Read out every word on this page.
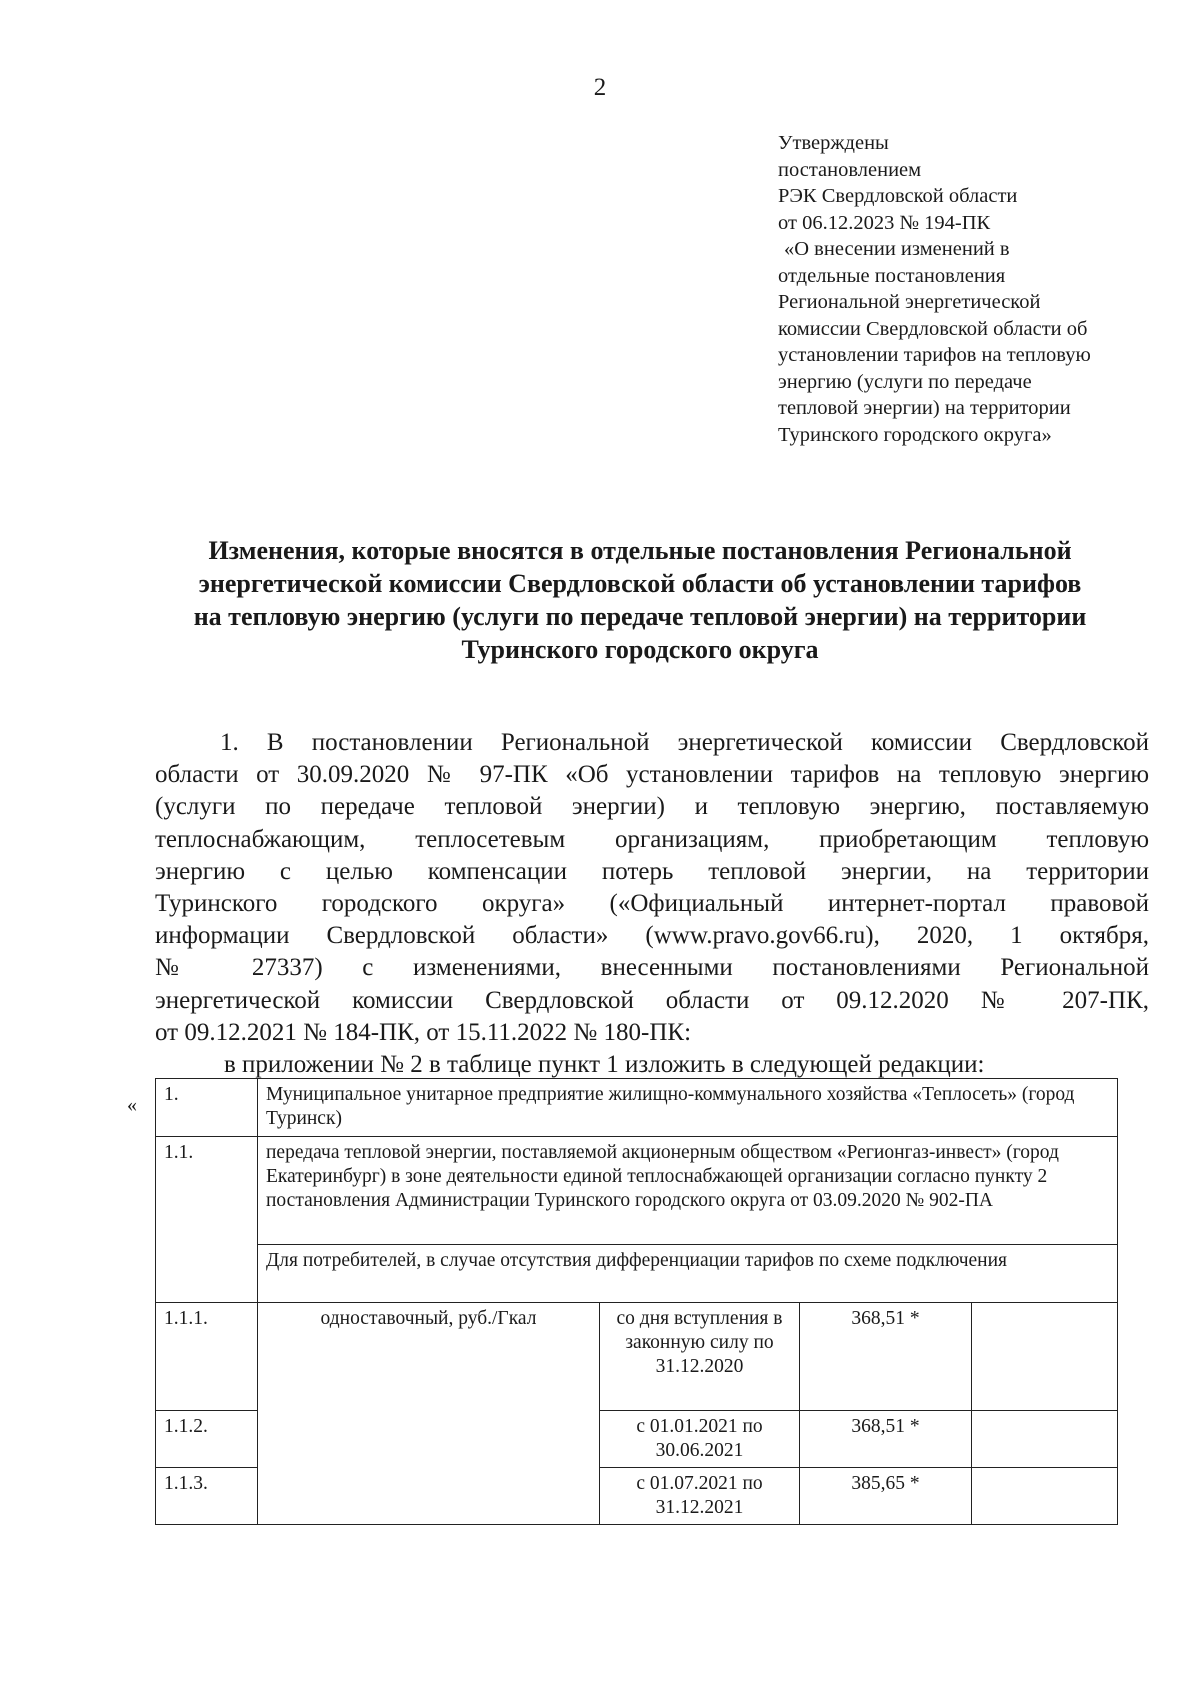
2
Утверждены
постановлением
РЭК Свердловской области
от 06.12.2023 № 194-ПК
«О внесении изменений в
отдельные постановления
Региональной энергетической
комиссии Свердловской области об
установлении тарифов на тепловую
энергию (услуги по передаче
тепловой энергии) на территории
Туринского городского округа»
Изменения, которые вносятся в отдельные постановления Региональной
энергетической комиссии Свердловской области об установлении тарифов
на тепловую энергию (услуги по передаче тепловой энергии) на территории
Туринского городского округа
1. В постановлении Региональной энергетической комиссии Свердловской
области от 30.09.2020 № 97-ПК «Об установлении тарифов на тепловую энергию
(услуги по передаче тепловой энергии) и тепловую энергию, поставляемую
теплоснабжающим, теплосетевым организациям, приобретающим тепловую
энергию с целью компенсации потерь тепловой энергии, на территории
Туринского городского округа» («Официальный интернет-портал правовой
информации Свердловской области» (www.pravo.gov66.ru), 2020, 1 октября,
№ 27337) с изменениями, внесенными постановлениями Региональной
энергетической комиссии Свердловской области от 09.12.2020 № 207-ПК,
от 09.12.2021 № 184-ПК, от 15.11.2022 № 180-ПК:
в приложении № 2 в таблице пункт 1 изложить в следующей редакции:
« 1.	Муниципальное унитарное предприятие жилищно-коммунального хозяйства «Теплосеть» (город Туринск)			
1.1.	передача тепловой энергии, поставляемой акционерным обществом «Регионгаз-инвест» (город Екатеринбург) в зоне деятельности единой теплоснабжающей организации согласно пункту 2 постановления Администрации Туринского городского округа от 03.09.2020 № 902-ПА			
	Для потребителей, в случае отсутствия дифференциации тарифов по схеме подключения			
1.1.1.	одноставочный, руб./Гкал	со дня вступления в законную силу по 31.12.2020	368,51 *	
1.1.2.		с 01.01.2021 по 30.06.2021	368,51 *	
1.1.3.		с 01.07.2021 по 31.12.2021	385,65 *	
